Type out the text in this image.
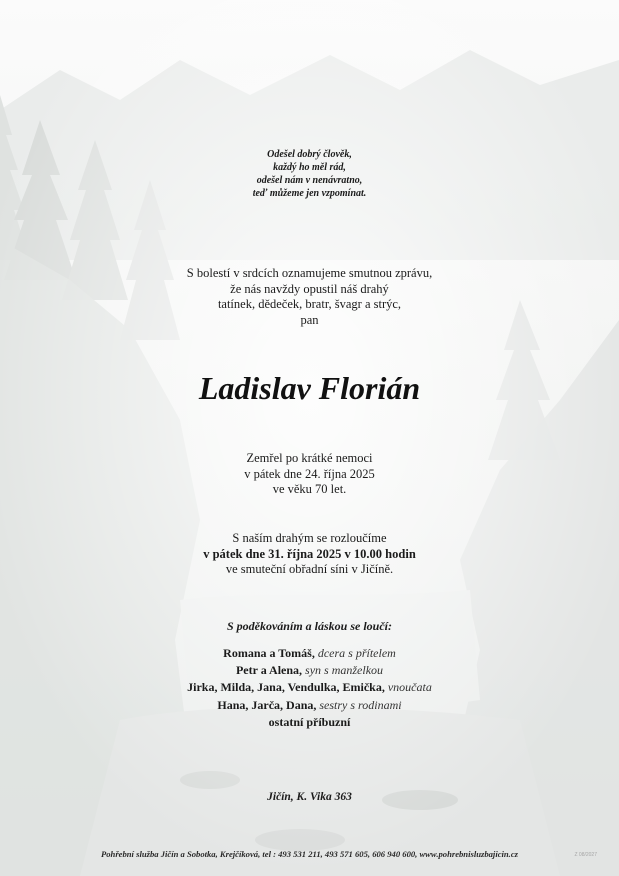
Odešel dobrý člověk,
každý ho měl rád,
odešel nám v nenávratno,
teď můžeme jen vzpomínat.
S bolestí v srdcích oznamujeme smutnou zprávu,
že nás navždy opustil náš drahý
tatínek, dědeček, bratr, švagr a strýc,
pan
Ladislav Florián
Zemřel po krátké nemoci
v pátek dne 24. října 2025
ve věku 70 let.
S naším drahým se rozloučíme
v pátek dne 31. října 2025 v 10.00 hodin
ve smuteční obřadní síni v Jičíně.
S poděkováním a láskou se loučí:
Romana a Tomáš, dcera s přítelem
Petr a Alena, syn s manželkou
Jirka, Milda, Jana, Vendulka, Emička, vnoučata
Hana, Jarča, Dana, sestry s rodinami
ostatní příbuzní
Jičín, K. Vika 363
Pohřební služba Jičín a Sobotka, Krejčíková, tel : 493 531 211, 493 571 605, 606 940 600, www.pohrebnisluzbajicin.cz	Z 08/2027
